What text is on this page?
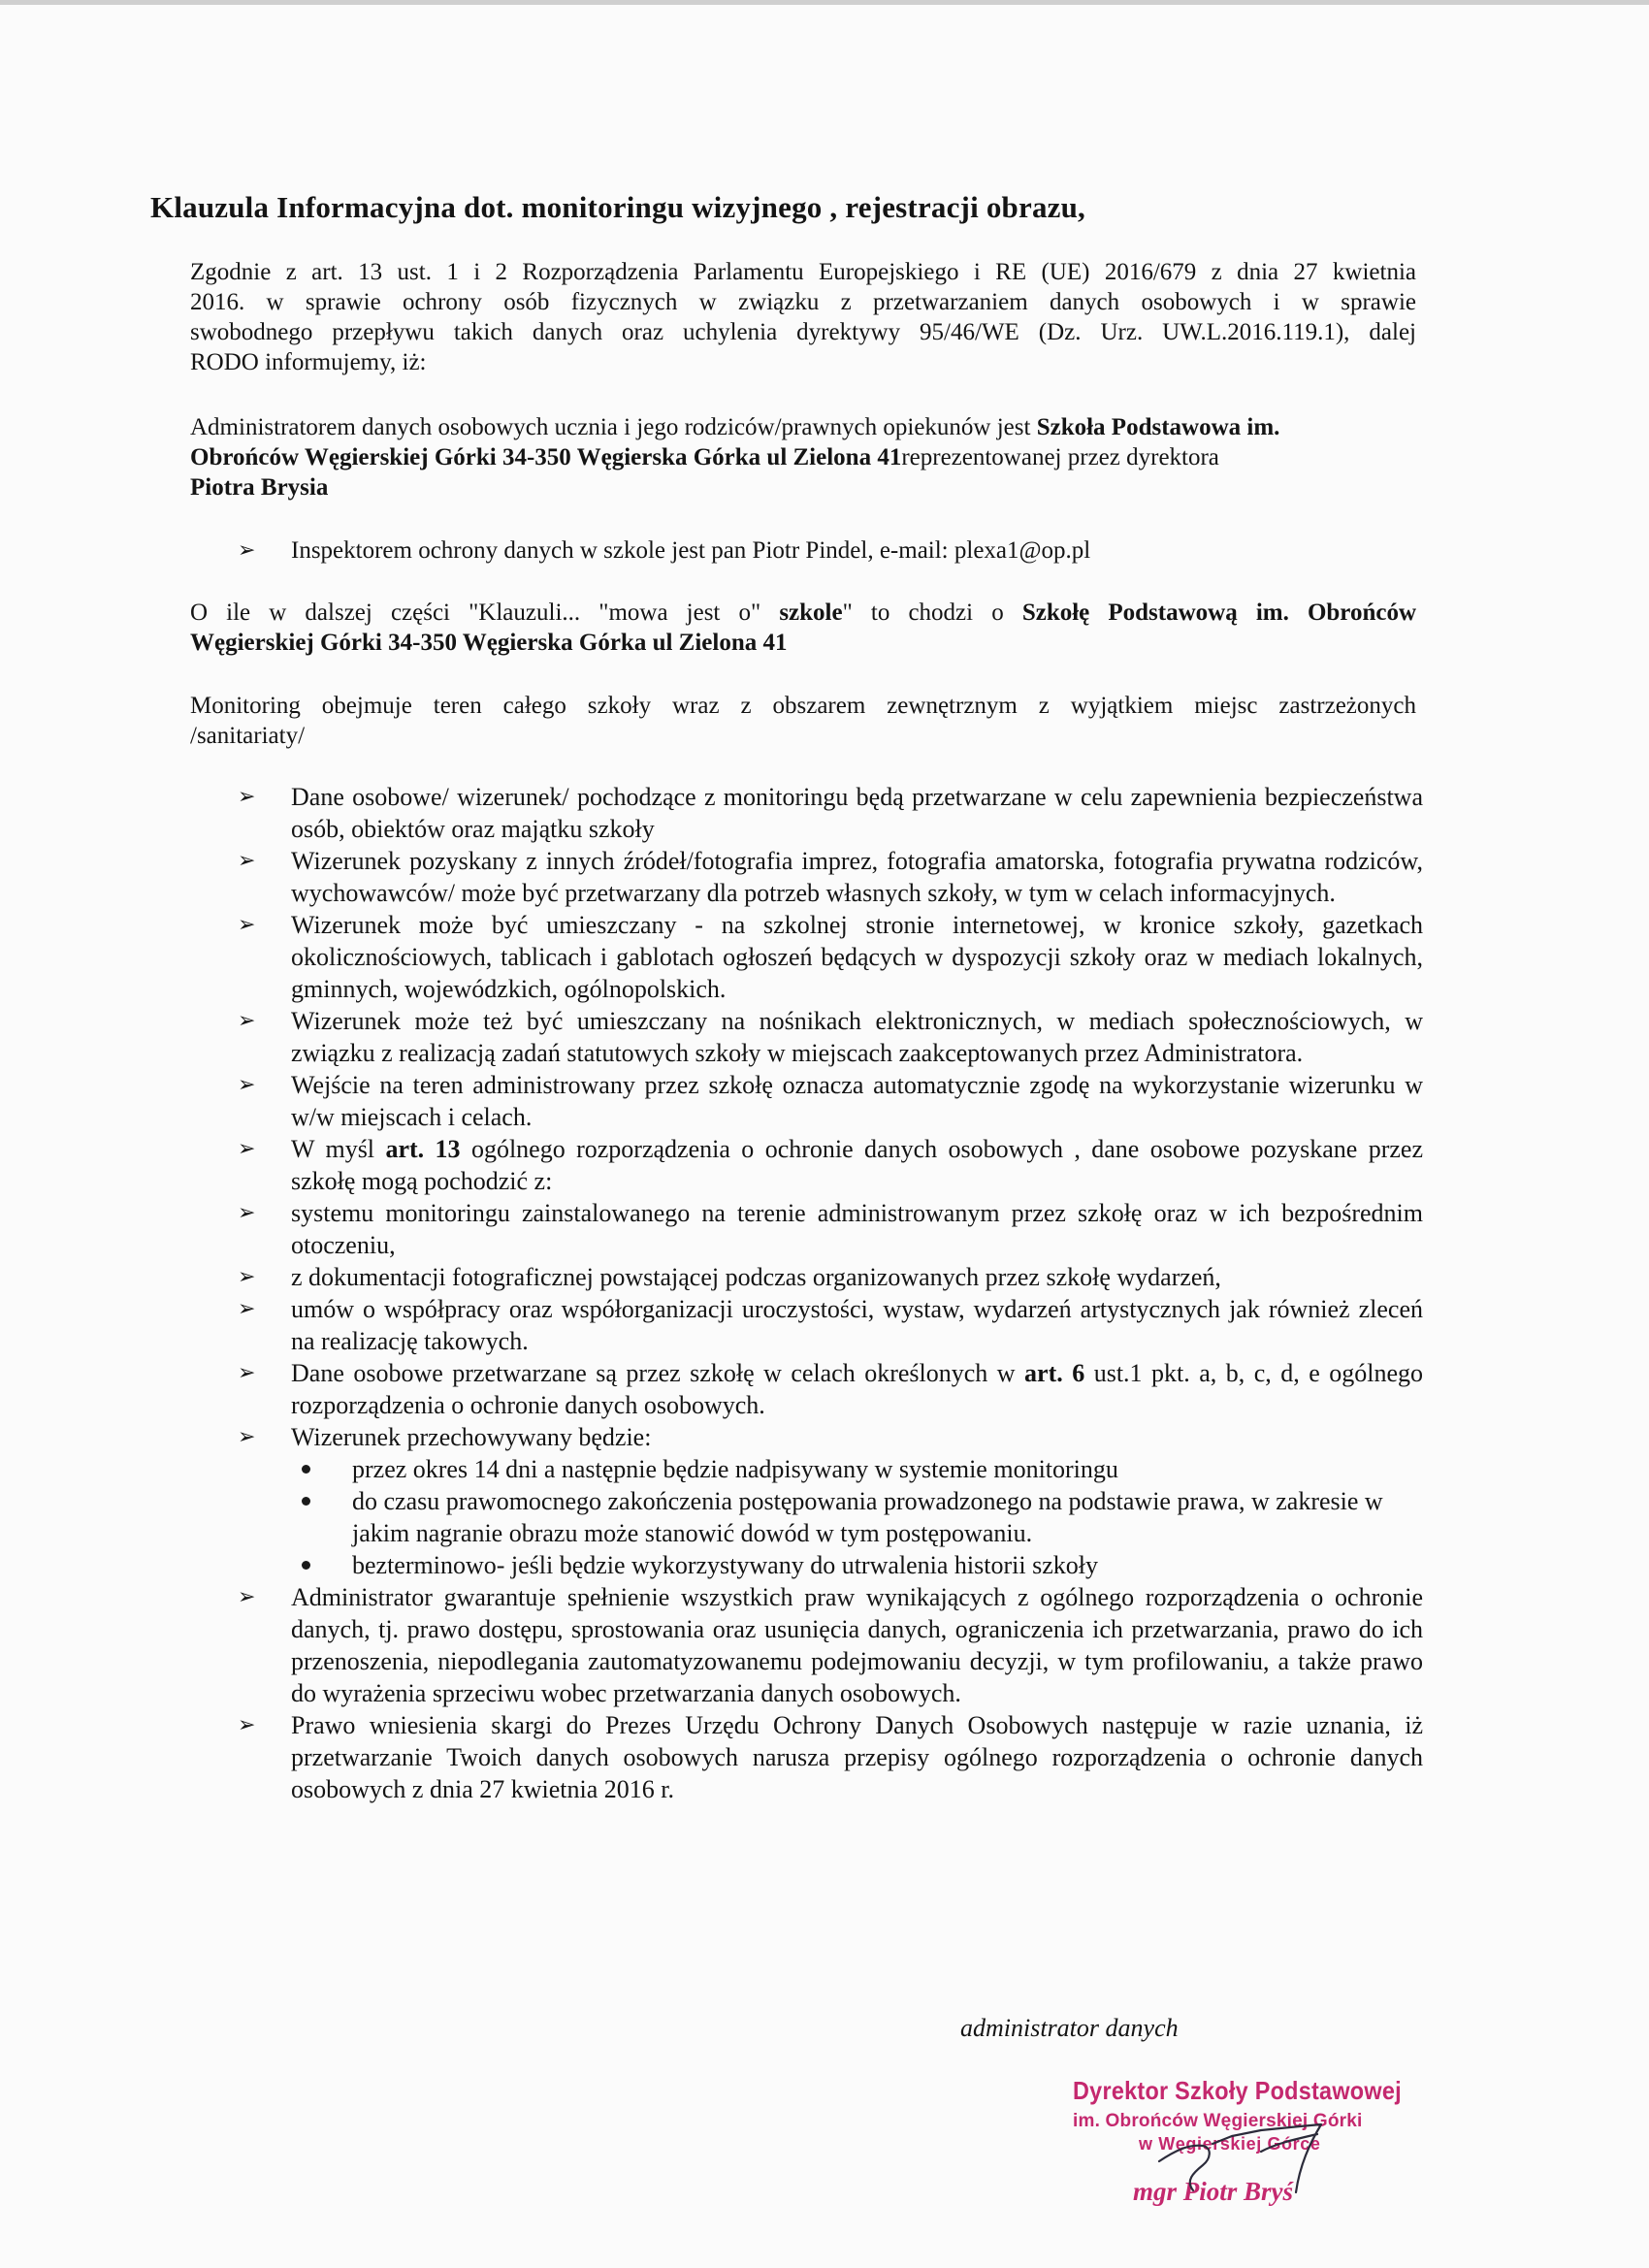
Klauzula Informacyjna dot. monitoringu wizyjnego , rejestracji obrazu,
Zgodnie z art. 13 ust. 1 i 2 Rozporządzenia Parlamentu Europejskiego i RE (UE) 2016/679 z dnia 27 kwietnia
2016. w sprawie ochrony osób fizycznych w związku z przetwarzaniem danych osobowych i w sprawie
swobodnego przepływu takich danych oraz uchylenia dyrektywy 95/46/WE (Dz. Urz. UW.L.2016.119.1), dalej
RODO informujemy, iż:
Administratorem danych osobowych ucznia i jego rodziców/prawnych opiekunów jest Szkoła Podstawowa im.
Obrońców Węgierskiej Górki 34-350 Węgierska Górka ul Zielona 41reprezentowanej przez dyrektora
Piotra Brysia
➢ Inspektorem ochrony danych w szkole jest pan Piotr Pindel, e-mail: plexa1@op.pl
O ile w dalszej części "Klauzuli... "mowa jest o" szkole" to chodzi o Szkołę Podstawową im. Obrońców
Węgierskiej Górki 34-350 Węgierska Górka ul Zielona 41
Monitoring obejmuje teren całego szkoły wraz z obszarem zewnętrznym z wyjątkiem miejsc zastrzeżonych
/sanitariaty/
➢	Dane osobowe/ wizerunek/ pochodzące z monitoringu będą przetwarzane w celu zapewnienia bezpieczeństwa osób, obiektów oraz majątku szkoły
➢	Wizerunek pozyskany z innych źródeł/fotografia imprez, fotografia amatorska, fotografia prywatna rodziców, wychowawców/ może być przetwarzany dla potrzeb własnych szkoły, w tym w celach informacyjnych.
➢	Wizerunek może być umieszczany - na szkolnej stronie internetowej, w kronice szkoły, gazetkach okolicznościowych, tablicach i gablotach ogłoszeń będących w dyspozycji szkoły oraz w mediach lokalnych, gminnych, wojewódzkich, ogólnopolskich.
➢	Wizerunek może też być umieszczany na nośnikach elektronicznych, w mediach społecznościowych, w związku z realizacją zadań statutowych szkoły w miejscach zaakceptowanych przez Administratora.
➢	Wejście na teren administrowany przez szkołę oznacza automatycznie zgodę na wykorzystanie wizerunku w w/w miejscach i celach.
➢	W myśl art. 13 ogólnego rozporządzenia o ochronie danych osobowych , dane osobowe pozyskane przez szkołę mogą pochodzić z:
➢	systemu monitoringu zainstalowanego na terenie administrowanym przez szkołę oraz w ich bezpośrednim otoczeniu,
➢	z dokumentacji fotograficznej powstającej podczas organizowanych przez szkołę wydarzeń,
➢	umów o współpracy oraz współorganizacji uroczystości, wystaw, wydarzeń artystycznych jak również zleceń na realizację takowych.
➢	Dane osobowe przetwarzane są przez szkołę w celach określonych w art. 6 ust.1 pkt. a, b, c, d, e ogólnego rozporządzenia o ochronie danych osobowych.
➢	Wizerunek przechowywany będzie:
przez okres 14 dni a następnie będzie nadpisywany w systemie monitoringu
do czasu prawomocnego zakończenia postępowania prowadzonego na podstawie prawa, w zakresie w jakim nagranie obrazu może stanowić dowód w tym postępowaniu.
bezterminowo- jeśli będzie wykorzystywany do utrwalenia historii szkoły
➢	Administrator gwarantuje spełnienie wszystkich praw wynikających z ogólnego rozporządzenia o ochronie danych, tj. prawo dostępu, sprostowania oraz usunięcia danych, ograniczenia ich przetwarzania, prawo do ich przenoszenia, niepodlegania zautomatyzowanemu podejmowaniu decyzji, w tym profilowaniu, a także prawo do wyrażenia sprzeciwu wobec przetwarzania danych osobowych.
➢	Prawo wniesienia skargi do Prezes Urzędu Ochrony Danych Osobowych następuje w razie uznania, iż przetwarzanie Twoich danych osobowych narusza przepisy ogólnego rozporządzenia o ochronie danych osobowych z dnia 27 kwietnia 2016 r.
administrator danych
Dyrektor Szkoły Podstawowej
im. Obrońców Węgierskiej Górki
w Węgierskiej Górce
mgr Piotr Bryś
